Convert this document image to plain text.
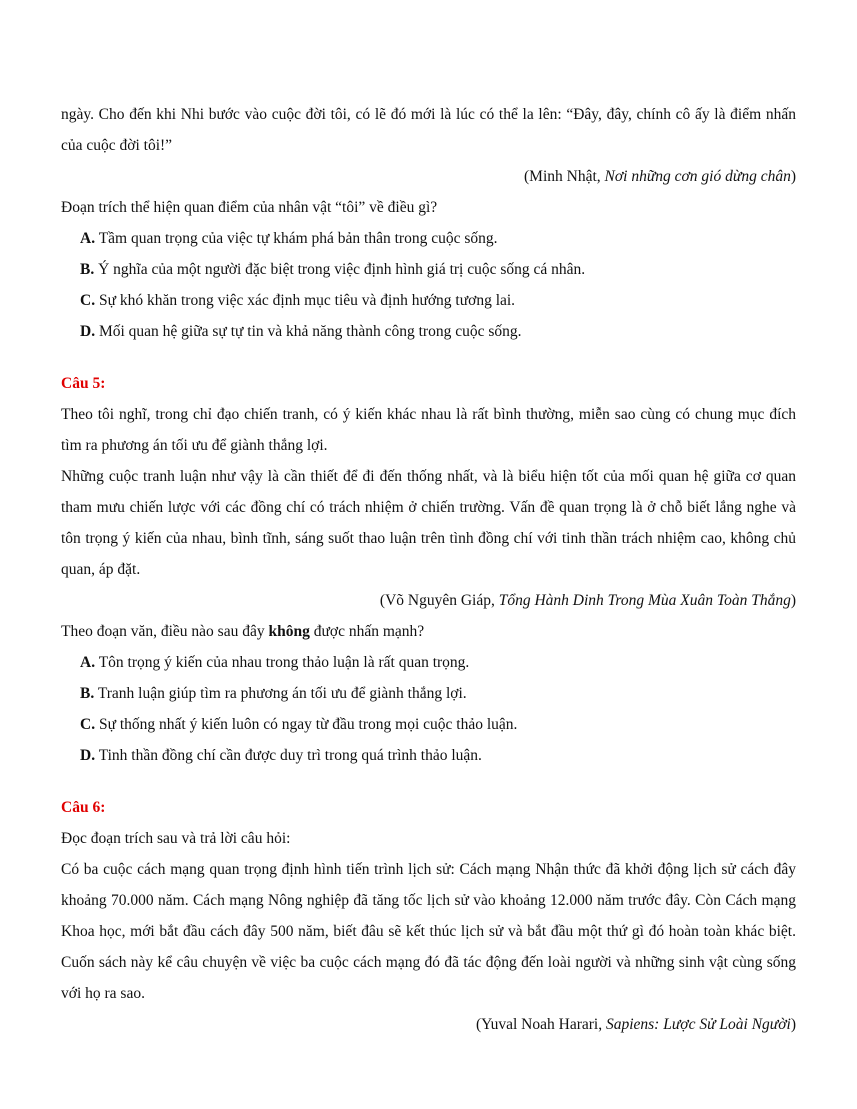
ngày. Cho đến khi Nhi bước vào cuộc đời tôi, có lẽ đó mới là lúc có thể la lên: “Đây, đây, chính cô ấy là điểm nhấn của cuộc đời tôi!”

(Minh Nhật, Nơi những cơn gió dừng chân)

Đoạn trích thể hiện quan điểm của nhân vật “tôi” về điều gì?

A. Tầm quan trọng của việc tự khám phá bản thân trong cuộc sống.

B. Ý nghĩa của một người đặc biệt trong việc định hình giá trị cuộc sống cá nhân.

C. Sự khó khăn trong việc xác định mục tiêu và định hướng tương lai.

D. Mối quan hệ giữa sự tự tin và khả năng thành công trong cuộc sống.

Câu 5:

Theo tôi nghĩ, trong chỉ đạo chiến tranh, có ý kiến khác nhau là rất bình thường, miễn sao cùng có chung mục đích tìm ra phương án tối ưu để giành thắng lợi.

Những cuộc tranh luận như vậy là cần thiết để đi đến thống nhất, và là biểu hiện tốt của mối quan hệ giữa cơ quan tham mưu chiến lược với các đồng chí có trách nhiệm ở chiến trường. Vấn đề quan trọng là ở chỗ biết lắng nghe và tôn trọng ý kiến của nhau, bình tĩnh, sáng suốt thao luận trên tình đồng chí với tinh thần trách nhiệm cao, không chủ quan, áp đặt.

(Võ Nguyên Giáp, Tổng Hành Dinh Trong Mùa Xuân Toàn Thắng)

Theo đoạn văn, điều nào sau đây không được nhấn mạnh?

A. Tôn trọng ý kiến của nhau trong thảo luận là rất quan trọng.

B. Tranh luận giúp tìm ra phương án tối ưu để giành thắng lợi.

C. Sự thống nhất ý kiến luôn có ngay từ đầu trong mọi cuộc thảo luận.

D. Tinh thần đồng chí cần được duy trì trong quá trình thảo luận.

Câu 6:

Đọc đoạn trích sau và trả lời câu hỏi:

Có ba cuộc cách mạng quan trọng định hình tiến trình lịch sử: Cách mạng Nhận thức đã khởi động lịch sử cách đây khoảng 70.000 năm. Cách mạng Nông nghiệp đã tăng tốc lịch sử vào khoảng 12.000 năm trước đây. Còn Cách mạng Khoa học, mới bắt đầu cách đây 500 năm, biết đâu sẽ kết thúc lịch sử và bắt đầu một thứ gì đó hoàn toàn khác biệt. Cuốn sách này kể câu chuyện về việc ba cuộc cách mạng đó đã tác động đến loài người và những sinh vật cùng sống với họ ra sao.

(Yuval Noah Harari, Sapiens: Lược Sử Loài Người)
